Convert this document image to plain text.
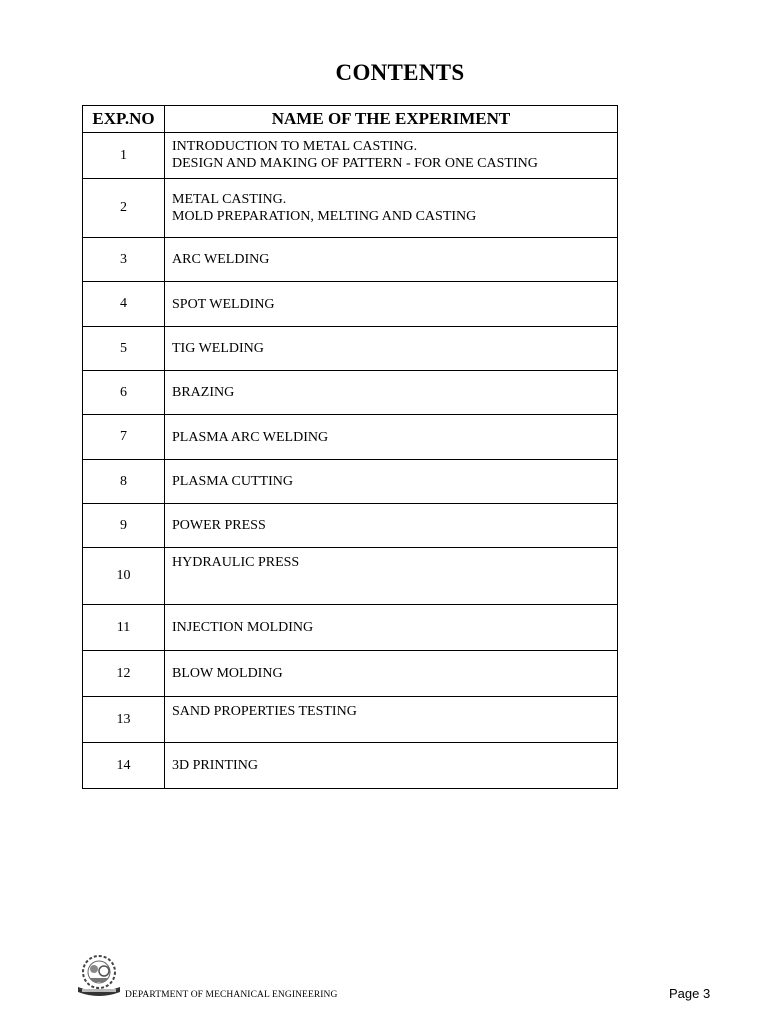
CONTENTS
EXP.NO	NAME OF THE EXPERIMENT
1	INTRODUCTION TO METAL CASTING.
DESIGN AND MAKING OF PATTERN - FOR ONE CASTING

2	METAL CASTING.
MOLD PREPARATION, MELTING AND CASTING

3	ARC WELDING
4	SPOT WELDING
5	TIG WELDING
6	BRAZING
7	PLASMA ARC WELDING
8	PLASMA CUTTING
9	POWER PRESS
10	HYDRAULIC PRESS
11	INJECTION MOLDING
12	BLOW MOLDING
13	SAND PROPERTIES TESTING
14	3D PRINTING
DEPARTMENT OF MECHANICAL ENGINEERING	Page 3
